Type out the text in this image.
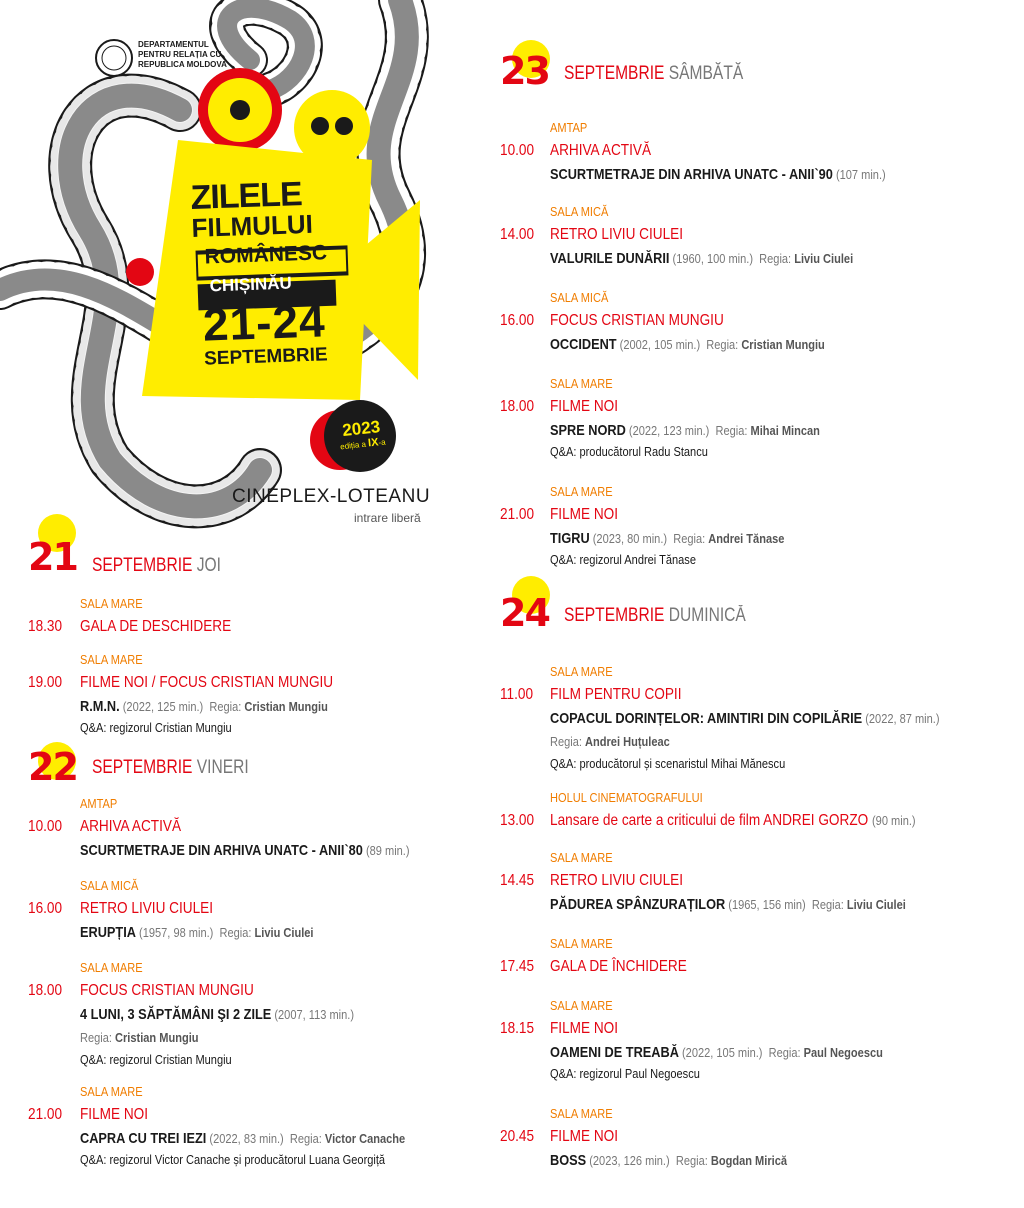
DEPARTAMENTUL
PENTRU RELAȚIA CU
REPUBLICA MOLDOVA
ZILELE
FILMULUI
ROMÂNESC
CHIȘINĂU
21-24
SEPTEMBRIE
2023
ediția a IX-a
CINEPLEX-LOTEANU
intrare liberă
21 SEPTEMBRIE JOI
SALA MARE
18.30 GALA DE DESCHIDERE
SALA MARE
19.00 FILME NOI / FOCUS CRISTIAN MUNGIU
R.M.N. (2022, 125 min.) Regia: Cristian Mungiu
Q&A: regizorul Cristian Mungiu
22 SEPTEMBRIE VINERI
AMTAP
10.00 ARHIVA ACTIVĂ
SCURTMETRAJE DIN ARHIVA UNATC - ANII`80 (89 min.)
SALA MICĂ
16.00 RETRO LIVIU CIULEI
ERUPȚIA (1957, 98 min.) Regia: Liviu Ciulei
SALA MARE
18.00 FOCUS CRISTIAN MUNGIU
4 LUNI, 3 SĂPTĂMÂNI ŞI 2 ZILE (2007, 113 min.)
Regia: Cristian Mungiu
Q&A: regizorul Cristian Mungiu
SALA MARE
21.00 FILME NOI
CAPRA CU TREI IEZI (2022, 83 min.) Regia: Victor Canache
Q&A: regizorul Victor Canache și producătorul Luana Georgiță
23 SEPTEMBRIE SÂMBĂTĂ
AMTAP
10.00 ARHIVA ACTIVĂ
SCURTMETRAJE DIN ARHIVA UNATC - ANII`90 (107 min.)
SALA MICĂ
14.00 RETRO LIVIU CIULEI
VALURILE DUNĂRII (1960, 100 min.) Regia: Liviu Ciulei
SALA MICĂ
16.00 FOCUS CRISTIAN MUNGIU
OCCIDENT (2002, 105 min.) Regia: Cristian Mungiu
SALA MARE
18.00 FILME NOI
SPRE NORD (2022, 123 min.) Regia: Mihai Mincan
Q&A: producătorul Radu Stancu
SALA MARE
21.00 FILME NOI
TIGRU (2023, 80 min.) Regia: Andrei Tănase
Q&A: regizorul Andrei Tănase
24 SEPTEMBRIE DUMINICĂ
SALA MARE
11.00 FILM PENTRU COPII
COPACUL DORINȚELOR: AMINTIRI DIN COPILĂRIE (2022, 87 min.)
Regia: Andrei Huțuleac
Q&A: producătorul și scenaristul Mihai Mănescu
HOLUL CINEMATOGRAFULUI
13.00 Lansare de carte a criticului de film ANDREI GORZO (90 min.)
SALA MARE
14.45 RETRO LIVIU CIULEI
PĂDUREA SPÂNZURAȚILOR (1965, 156 min) Regia: Liviu Ciulei
SALA MARE
17.45 GALA DE ÎNCHIDERE
SALA MARE
18.15 FILME NOI
OAMENI DE TREABĂ (2022, 105 min.) Regia: Paul Negoescu
Q&A: regizorul Paul Negoescu
SALA MARE
20.45 FILME NOI
BOSS (2023, 126 min.) Regia: Bogdan Mirică
